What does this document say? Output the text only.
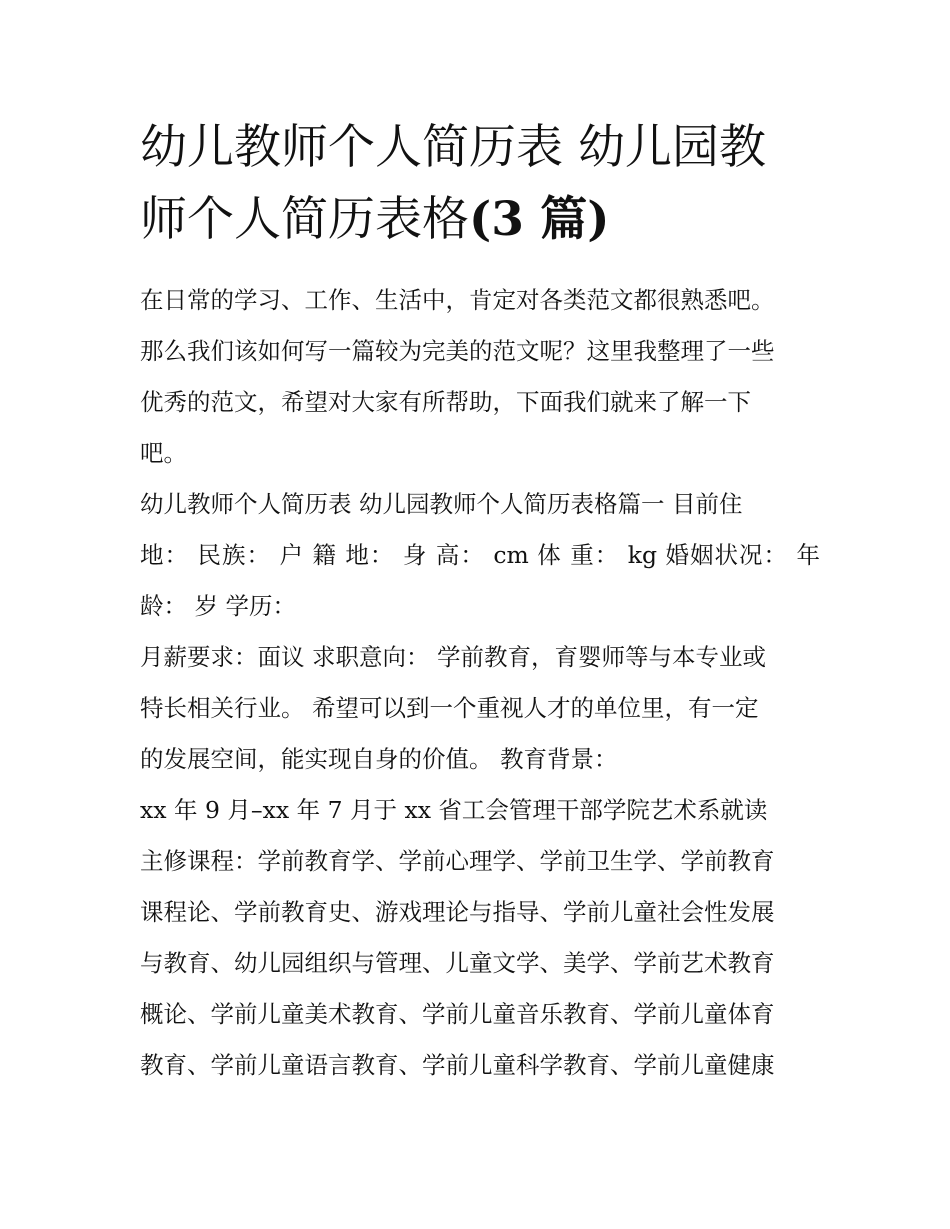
幼儿教师个人简历表 幼儿园教
师个人简历表格(3 篇)
在日常的学习、工作、生活中，肯定对各类范文都很熟悉吧。
那么我们该如何写一篇较为完美的范文呢？这里我整理了一些
优秀的范文，希望对大家有所帮助，下面我们就来了解一下
吧。
幼儿教师个人简历表 幼儿园教师个人简历表格篇一 目前住
地： 民族： 户 籍 地： 身 高： cm 体 重： kg 婚姻状况： 年
龄： 岁 学历：
月薪要求：面议 求职意向： 学前教育，育婴师等与本专业或
特长相关行业。 希望可以到一个重视人才的单位里，有一定
的发展空间，能实现自身的价值。 教育背景：
xx 年 9 月–xx 年 7 月于 xx 省工会管理干部学院艺术系就读
主修课程：学前教育学、学前心理学、学前卫生学、学前教育
课程论、学前教育史、游戏理论与指导、学前儿童社会性发展
与教育、幼儿园组织与管理、儿童文学、美学、学前艺术教育
概论、学前儿童美术教育、学前儿童音乐教育、学前儿童体育
教育、学前儿童语言教育、学前儿童科学教育、学前儿童健康
